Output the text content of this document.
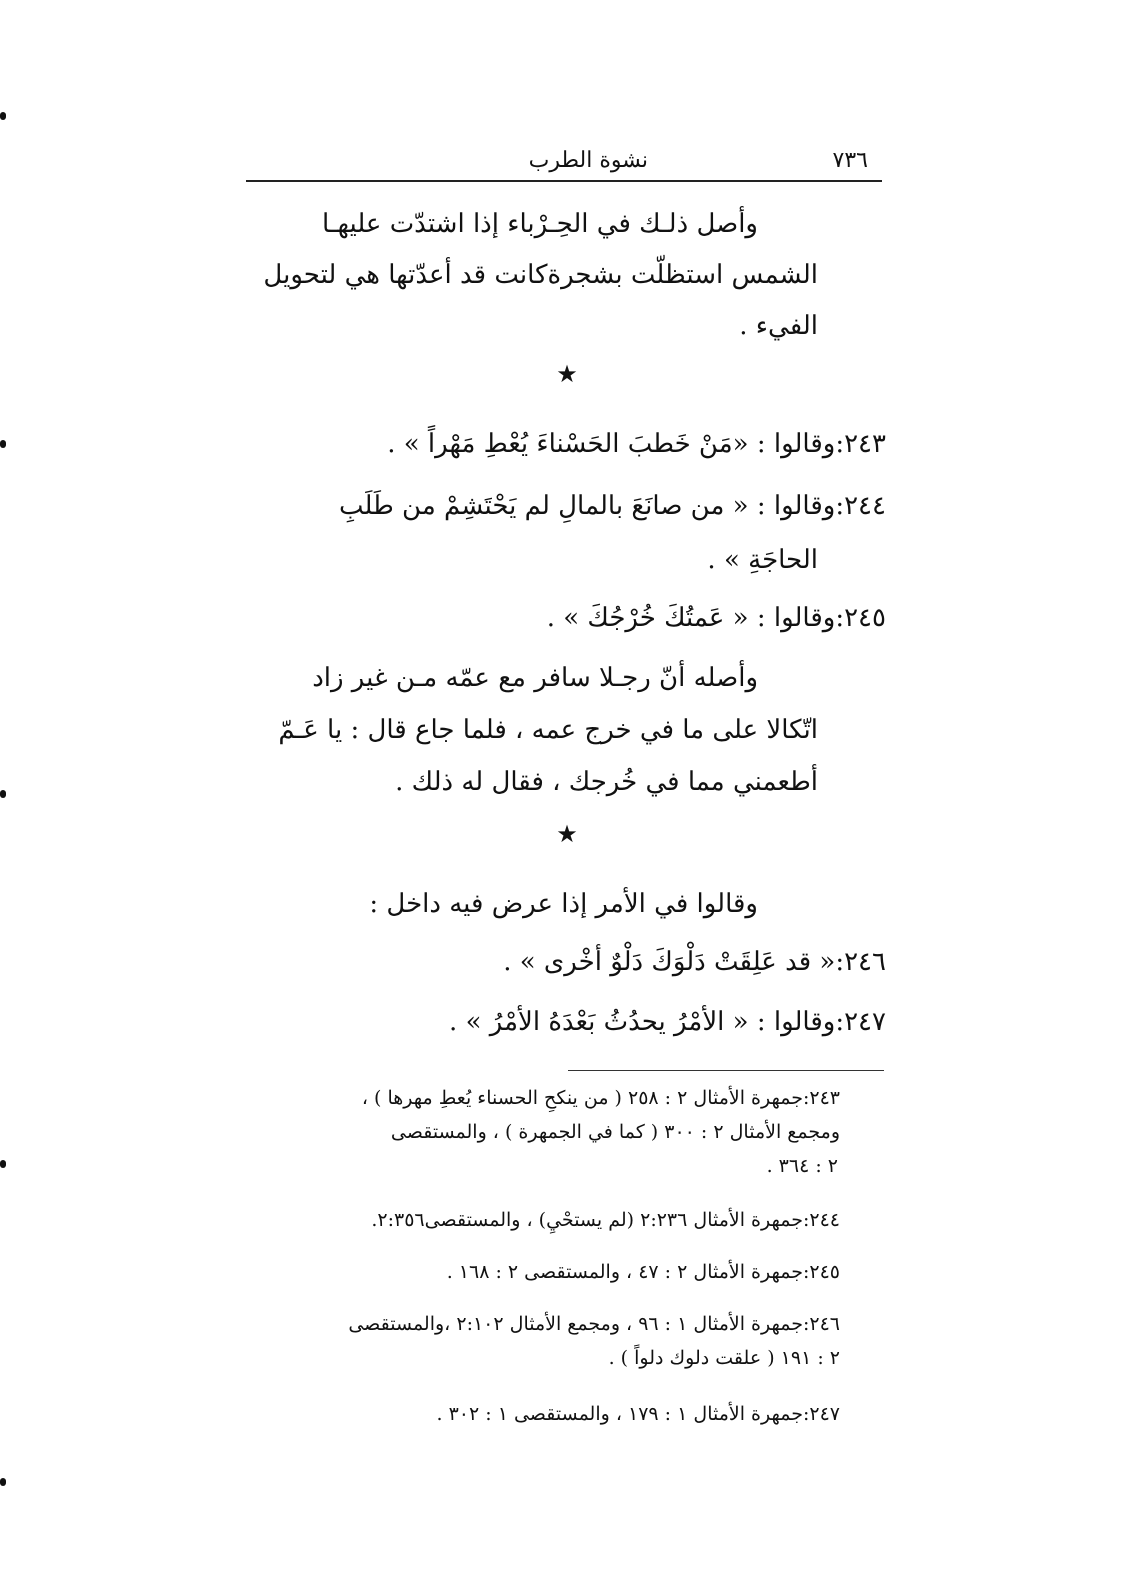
٧٣٦
نشوة الطرب
وأصل ذلـك في الحِـرْباء إذا اشتدّت عليهـا
الشمس استظلّت بشجرةكانت قد أعدّتها هي لتحويل
الفيء .
★
٢٤٣:وقالوا : «مَنْ خَطبَ الحَسْناءَ يُعْطِ مَهْراً » .
٢٤٤:وقالوا : « من صانَعَ بالمالِ لم يَحْتَشِمْ من طَلَبِ
الحاجَةِ » .
٢٤٥:وقالوا : « عَمتُكَ خُرْجُكَ » .
وأصله أنّ رجـلا سافر مع عمّه مـن غير زاد
اتّكالا على ما في خرج عمه ، فلما جاع قال : يا عَـمّ
أطعمني مما في خُرجك ، فقال له ذلك .
★
وقالوا في الأمر إذا عرض فيه داخل :
٢٤٦:« قد عَلِقَتْ دَلْوَكَ دَلْوٌ أخْرى » .
٢٤٧:وقالوا : « الأمْرُ يحدُثُ بَعْدَهُ الأمْرُ » .
٢٤٣:جمهرة الأمثال ٢ : ٢٥٨ ( من ينكحِ الحسناء يُعطِ مهرها ) ،
ومجمع الأمثال ٢ : ٣٠٠ ( كما في الجمهرة ) ، والمستقصى
٢ : ٣٦٤ .
٢٤٤:جمهرة الأمثال ٢:٢٣٦ (لم يستحْيِ) ، والمستقصى٢:٣٥٦.
٢٤٥:جمهرة الأمثال ٢ : ٤٧ ، والمستقصى ٢ : ١٦٨ .
٢٤٦:جمهرة الأمثال ١ : ٩٦ ، ومجمع الأمثال ٢:١٠٢ ،والمستقصى
٢ : ١٩١ ( علقت دلوك دلواً ) .
٢٤٧:جمهرة الأمثال ١ : ١٧٩ ، والمستقصى ١ : ٣٠٢ .
